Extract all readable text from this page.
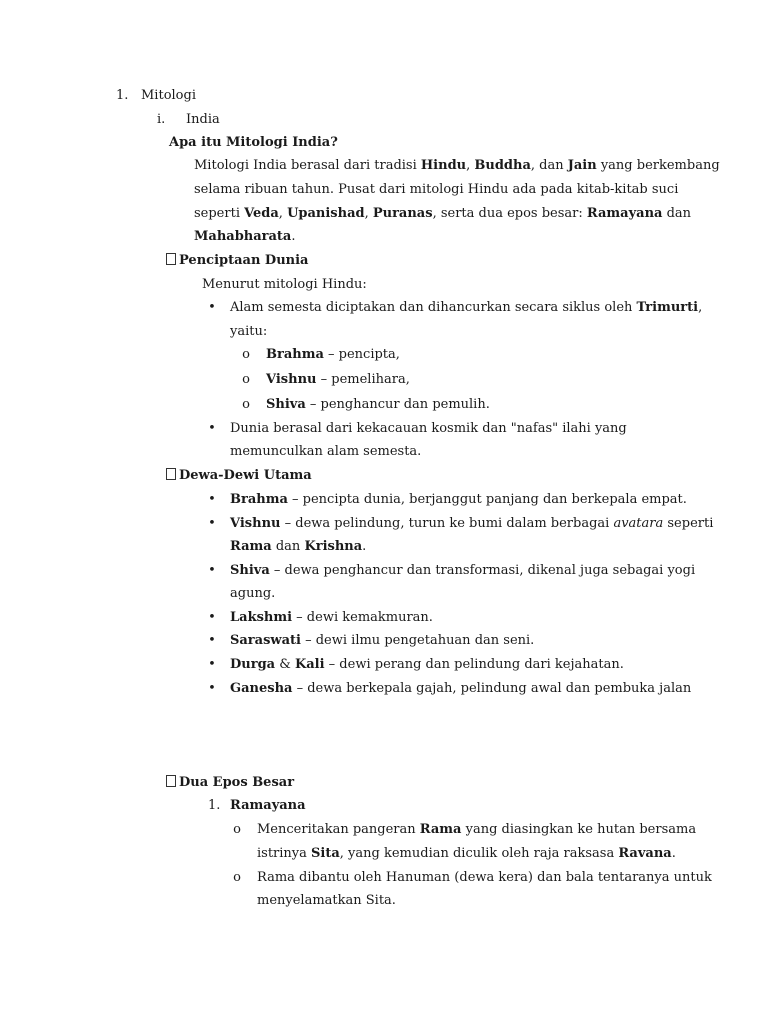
1. Mitologi
i. India
Apa itu Mitologi India?
Mitologi India berasal dari tradisi Hindu, Buddha, dan Jain yang berkembang
selama ribuan tahun. Pusat dari mitologi Hindu ada pada kitab-kitab suci
seperti Veda, Upanishad, Puranas, serta dua epos besar: Ramayana dan
Mahabharata.
Penciptaan Dunia
Menurut mitologi Hindu:
• Alam semesta diciptakan dan dihancurkan secara siklus oleh Trimurti,
yaitu:
o Brahma – pencipta,
o Vishnu – pemelihara,
o Shiva – penghancur dan pemulih.
• Dunia berasal dari kekacauan kosmik dan "nafas" ilahi yang
memunculkan alam semesta.
Dewa-Dewi Utama
• Brahma – pencipta dunia, berjanggut panjang dan berkepala empat.
• Vishnu – dewa pelindung, turun ke bumi dalam berbagai avatara seperti
Rama dan Krishna.
• Shiva – dewa penghancur dan transformasi, dikenal juga sebagai yogi
agung.
• Lakshmi – dewi kemakmuran.
• Saraswati – dewi ilmu pengetahuan dan seni.
• Durga & Kali – dewi perang dan pelindung dari kejahatan.
• Ganesha – dewa berkepala gajah, pelindung awal dan pembuka jalan
Dua Epos Besar
1. Ramayana
o Menceritakan pangeran Rama yang diasingkan ke hutan bersama
istrinya Sita, yang kemudian diculik oleh raja raksasa Ravana.
o Rama dibantu oleh Hanuman (dewa kera) dan bala tentaranya untuk
menyelamatkan Sita.
